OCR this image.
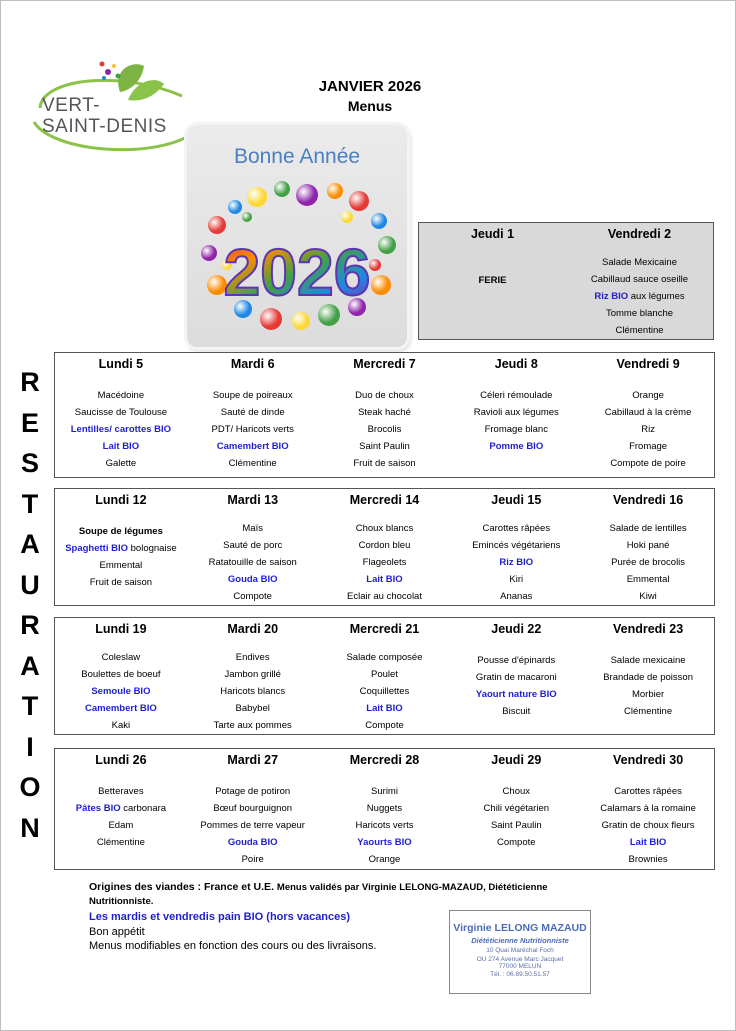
VERT-
SAINT-DENIS
JANVIER 2026
Menus
Bonne Année
2026
R
E
S
T
A
U
R
A
T
I
O
N
Jeudi 1
FERIE
Vendredi 2
Salade Mexicaine
Cabillaud sauce oseille
Riz BIO aux légumes
Tomme blanche
Clémentine
Lundi 5
Macédoine
Saucisse de Toulouse
Lentilles/ carottes BIO
Lait BIO
Galette
Mardi 6
Soupe de poireaux
Sauté de dinde
PDT/ Haricots verts
Camembert BIO
Clémentine
Mercredi 7
Duo de choux
Steak haché
Brocolis
Saint Paulin
Fruit de saison
Jeudi 8
Céleri rémoulade
Ravioli aux légumes
Fromage blanc
Pomme BIO
Vendredi 9
Orange
Cabillaud à la crème
Riz
Fromage
Compote de poire
Lundi 12
Soupe de légumes
Spaghetti BIO bolognaise
Emmental
Fruit de saison
Mardi 13
Maïs
Sauté de porc
Ratatouille de saison
Gouda BIO
Compote
Mercredi 14
Choux blancs
Cordon bleu
Flageolets
Lait BIO
Eclair au chocolat
Jeudi 15
Carottes râpées
Emincés végétariens
Riz BIO
Kiri
Ananas
Vendredi 16
Salade de lentilles
Hoki pané
Purée de brocolis
Emmental
Kiwi
Lundi 19
Coleslaw
Boulettes de boeuf
Semoule BIO
Camembert BIO
Kaki
Mardi 20
Endives
Jambon grillé
Haricots blancs
Babybel
Tarte aux pommes
Mercredi 21
Salade composée
Poulet
Coquillettes
Lait BIO
Compote
Jeudi 22
Pousse d'épinards
Gratin de macaroni
Yaourt nature BIO
Biscuit
Vendredi 23
Salade mexicaine
Brandade de poisson
Morbier
Clémentine
Lundi 26
Betteraves
Pâtes BIO carbonara
Edam
Clémentine
Mardi 27
Potage de potiron
Bœuf bourguignon
Pommes de terre vapeur
Gouda BIO
Poire
Mercredi 28
Surimi
Nuggets
Haricots verts
Yaourts BIO
Orange
Jeudi 29
Choux
Chili végétarien
Saint Paulin
Compote
Vendredi 30
Carottes râpées
Calamars à la romaine
Gratin de choux fleurs
Lait BIO
Brownies
Origines des viandes : France et U.E. Menus validés par Virginie LELONG-MAZAUD, Diététicienne
Nutritionniste.
Les mardis et vendredis pain BIO (hors vacances)
Bon appétit
Menus modifiables en fonction des cours ou des livraisons.
Virginie LELONG MAZAUD
Diététicienne Nutritionniste
10 Quai Maréchal Foch
OU 274 Avenue Marc Jacquet
77000 MELUN
Tél. : 06.89.50.51.57
